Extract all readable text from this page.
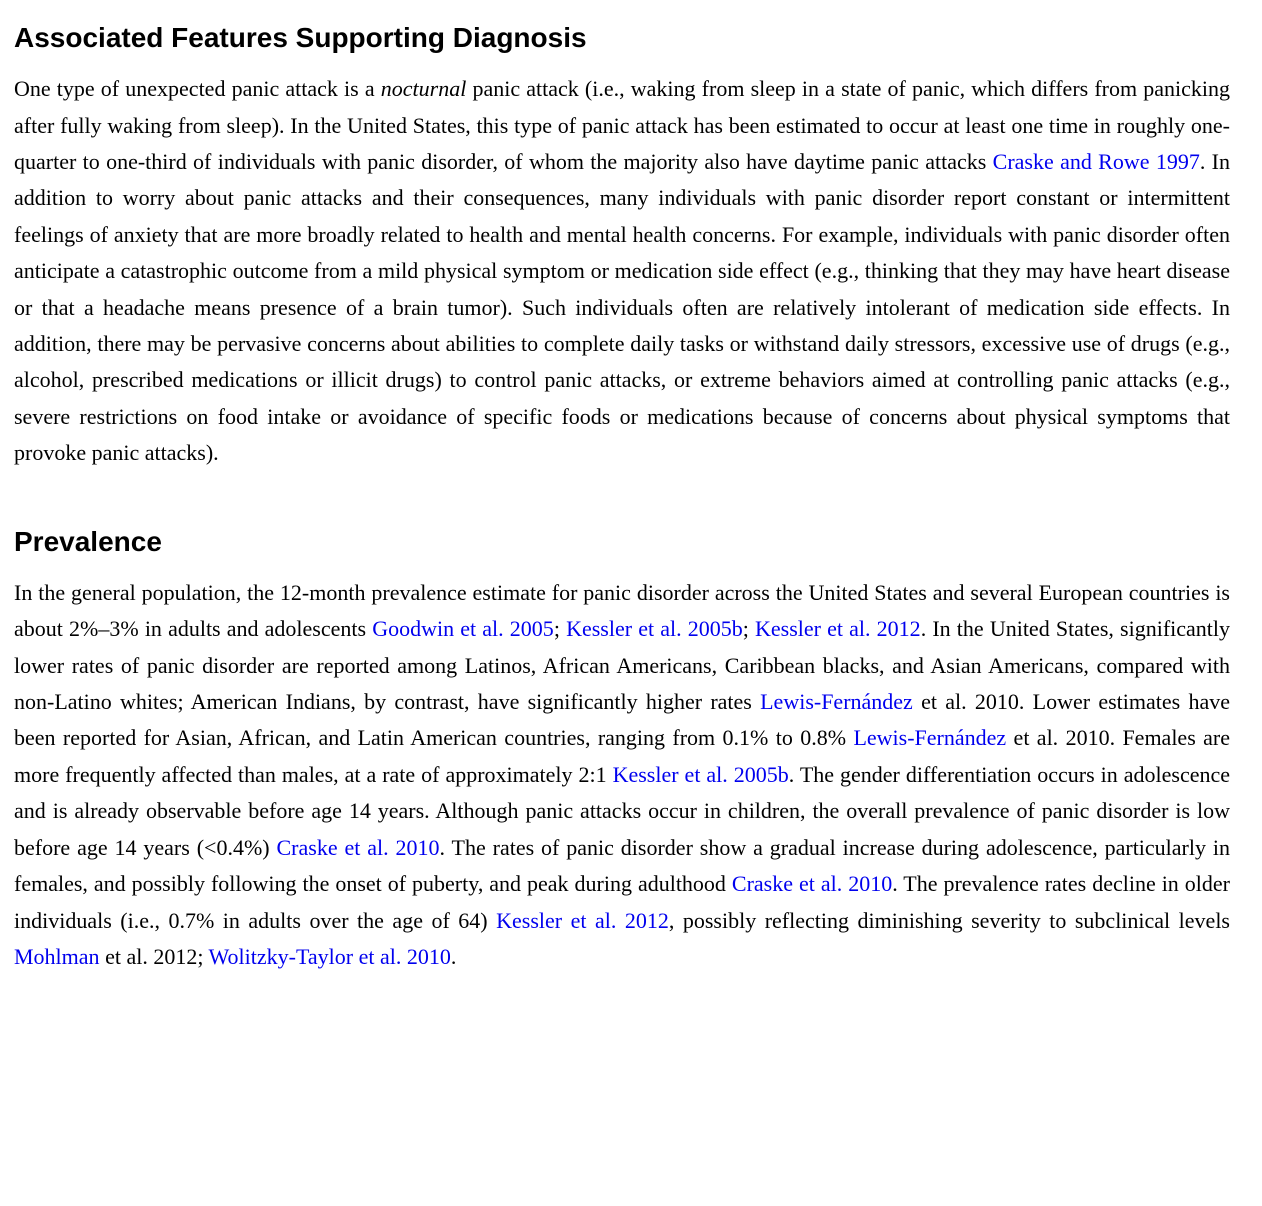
Associated Features Supporting Diagnosis

One type of unexpected panic attack is a nocturnal panic attack (i.e., waking from sleep in a state of panic, which differs from panicking after fully waking from sleep). In the United States, this type of panic attack has been estimated to occur at least one time in roughly one-quarter to one-third of individuals with panic disorder, of whom the majority also have daytime panic attacks Craske and Rowe 1997. In addition to worry about panic attacks and their consequences, many individuals with panic disorder report constant or intermittent feelings of anxiety that are more broadly related to health and mental health concerns. For example, individuals with panic disorder often anticipate a catastrophic outcome from a mild physical symptom or medication side effect (e.g., thinking that they may have heart disease or that a headache means presence of a brain tumor). Such individuals often are relatively intolerant of medication side effects. In addition, there may be pervasive concerns about abilities to complete daily tasks or withstand daily stressors, excessive use of drugs (e.g., alcohol, prescribed medications or illicit drugs) to control panic attacks, or extreme behaviors aimed at controlling panic attacks (e.g., severe restrictions on food intake or avoidance of specific foods or medications because of concerns about physical symptoms that provoke panic attacks).

Prevalence

In the general population, the 12-month prevalence estimate for panic disorder across the United States and several European countries is about 2%–3% in adults and adolescents Goodwin et al. 2005; Kessler et al. 2005b; Kessler et al. 2012. In the United States, significantly lower rates of panic disorder are reported among Latinos, African Americans, Caribbean blacks, and Asian Americans, compared with non-Latino whites; American Indians, by contrast, have significantly higher rates Lewis-Fernández et al. 2010. Lower estimates have been reported for Asian, African, and Latin American countries, ranging from 0.1% to 0.8% Lewis-Fernández et al. 2010. Females are more frequently affected than males, at a rate of approximately 2:1 Kessler et al. 2005b. The gender differentiation occurs in adolescence and is already observable before age 14 years. Although panic attacks occur in children, the overall prevalence of panic disorder is low before age 14 years (<0.4%) Craske et al. 2010. The rates of panic disorder show a gradual increase during adolescence, particularly in females, and possibly following the onset of puberty, and peak during adulthood Craske et al. 2010. The prevalence rates decline in older individuals (i.e., 0.7% in adults over the age of 64) Kessler et al. 2012, possibly reflecting diminishing severity to subclinical levels Mohlman et al. 2012; Wolitzky-Taylor et al. 2010.
